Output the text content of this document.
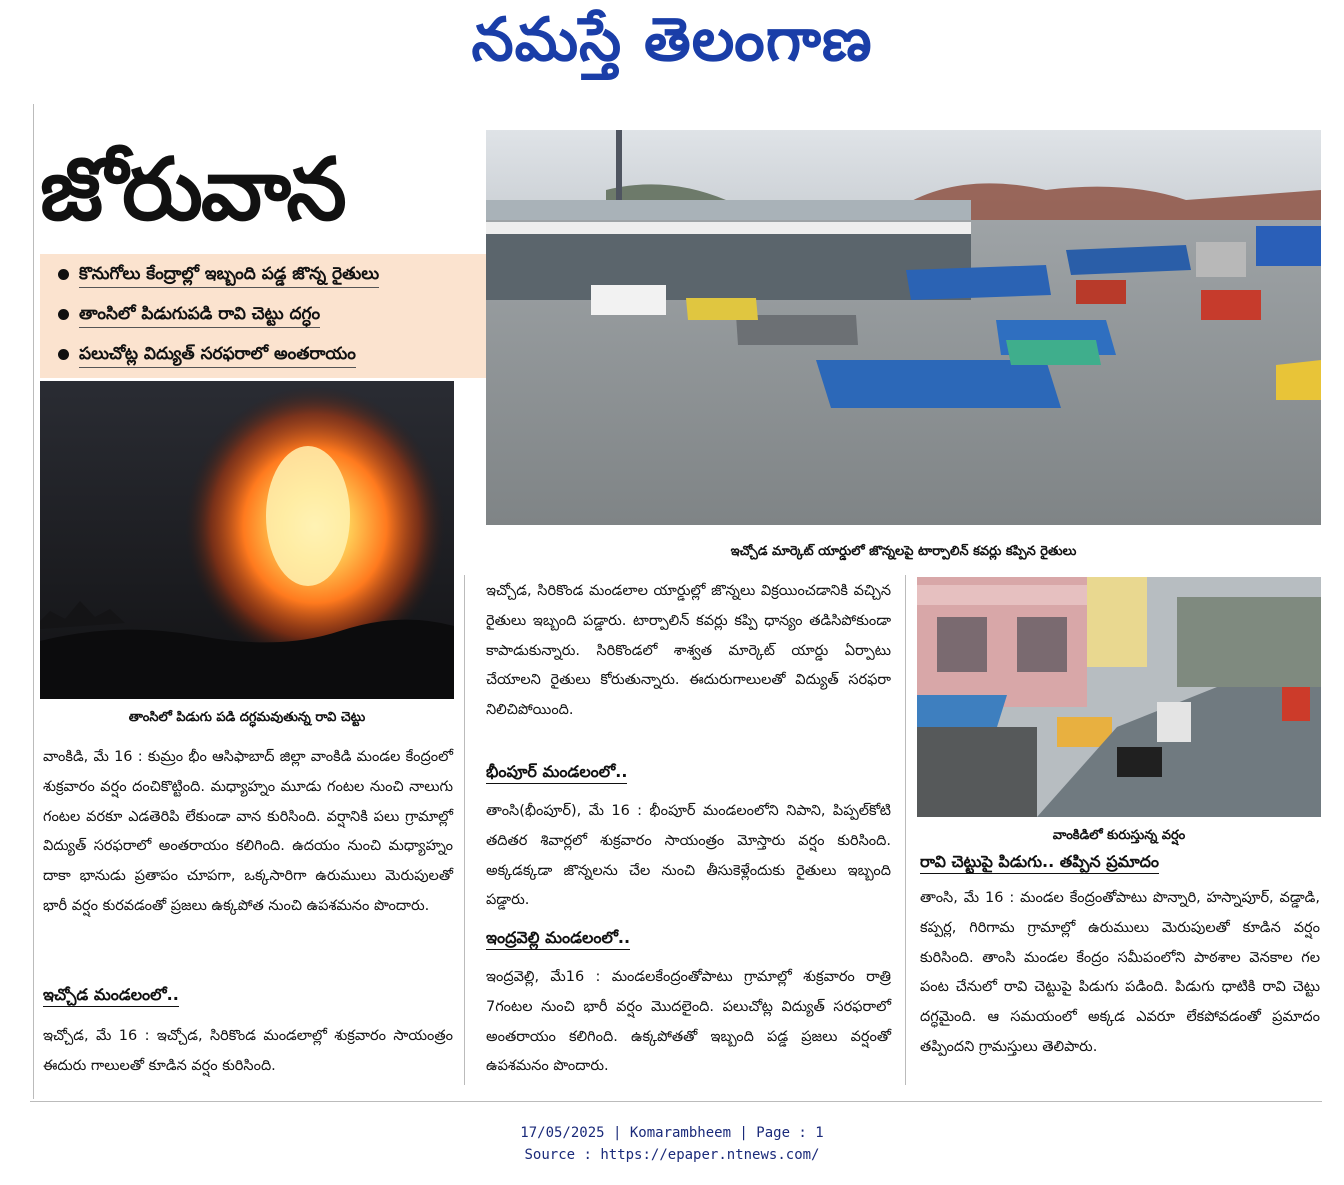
నమస్తే తెలంగాణ
జోరువాన
కొనుగోలు కేంద్రాల్లో ఇబ్బంది పడ్డ జొన్న రైతులు
తాంసిలో పిడుగుపడి రావి చెట్టు దగ్ధం
పలుచోట్ల విద్యుత్ సరఫరాలో అంతరాయం
తాంసిలో పిడుగు పడి దగ్ధమవుతున్న రావి చెట్టు
ఇచ్చోడ మార్కెట్ యార్డులో జొన్నలపై టార్పాలిన్ కవర్లు కప్పిన రైతులు
వాంకిడిలో కురుస్తున్న వర్షం
వాంకిడి, మే 16 : కుమ్రం భీం ఆసిఫాబాద్ జిల్లా వాంకిడి మండల కేంద్రంలో శుక్రవారం వర్షం దంచికొట్టింది. మధ్యాహ్నం మూడు గంటల నుంచి నాలుగు గంటల వరకూ ఎడతెరిపి లేకుండా వాన కురిసింది. వర్షానికి పలు గ్రామాల్లో విద్యుత్ సరఫరాలో అంతరాయం కలిగింది. ఉదయం నుంచి మధ్యాహ్నం దాకా భానుడు ప్రతాపం చూపగా, ఒక్కసారిగా ఉరుములు మెరుపులతో భారీ వర్షం కురవడంతో ప్రజలు ఉక్కపోత నుంచి ఉపశమనం పొందారు.
ఇచ్చోడ మండలంలో..
ఇచ్చోడ, మే 16 : ఇచ్చోడ, సిరికొండ మండలాల్లో శుక్రవారం సాయంత్రం ఈదురు గాలులతో కూడిన వర్షం కురిసింది.
ఇచ్చోడ, సిరికొండ మండలాల యార్డుల్లో జొన్నలు విక్రయించడానికి వచ్చిన రైతులు ఇబ్బంది పడ్డారు. టార్పాలిన్ కవర్లు కప్పి ధాన్యం తడిసిపోకుండా కాపాడుకున్నారు. సిరికొండలో శాశ్వత మార్కెట్ యార్డు ఏర్పాటు చేయాలని రైతులు కోరుతున్నారు. ఈదురుగాలులతో విద్యుత్ సరఫరా నిలిచిపోయింది.
భీంపూర్ మండలంలో..
తాంసి(భీంపూర్), మే 16 : భీంపూర్ మండలంలోని నిపాని, పిప్పల్‌కోటి తదితర శివార్లలో శుక్రవారం సాయంత్రం మోస్తారు వర్షం కురిసింది. అక్కడక్కడా జొన్నలను చేల నుంచి తీసుకెళ్లేందుకు రైతులు ఇబ్బంది పడ్డారు.
ఇంద్రవెల్లి మండలంలో..
ఇంద్రవెల్లి, మే16 : మండలకేంద్రంతోపాటు గ్రామాల్లో శుక్రవారం రాత్రి 7గంటల నుంచి భారీ వర్షం మొదలైంది. పలుచోట్ల విద్యుత్ సరఫరాలో అంతరాయం కలిగింది. ఉక్కపోతతో ఇబ్బంది పడ్డ ప్రజలు వర్షంతో ఉపశమనం పొందారు.
రావి చెట్టుపై పిడుగు.. తప్పిన ప్రమాదం
తాంసి, మే 16 : మండల కేంద్రంతోపాటు పొన్నారి, హస్నాపూర్, వడ్డాడి, కప్పర్ల, గిరిగామ గ్రామాల్లో ఉరుములు మెరుపులతో కూడిన వర్షం కురిసింది. తాంసి మండల కేంద్రం సమీపంలోని పాఠశాల వెనకాల గల పంట చేనులో రావి చెట్టుపై పిడుగు పడింది. పిడుగు ధాటికి రావి చెట్టు దగ్ధమైంది. ఆ సమయంలో అక్కడ ఎవరూ లేకపోవడంతో ప్రమాదం తప్పిందని గ్రామస్తులు తెలిపారు.
17/05/2025 | Komarambheem | Page : 1
Source : https://epaper.ntnews.com/
